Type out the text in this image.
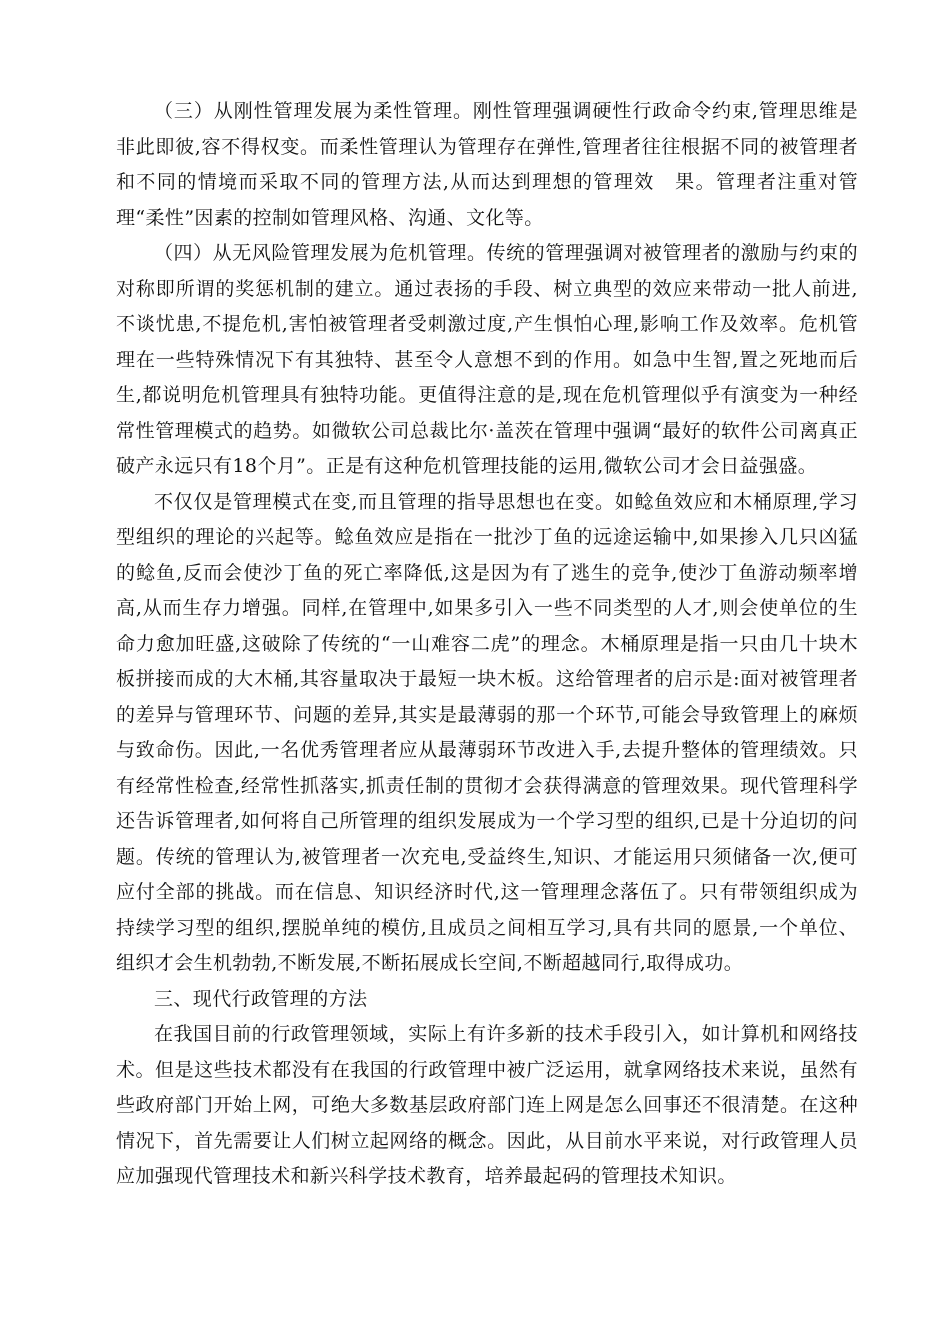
（三）从刚性管理发展为柔性管理。刚性管理强调硬性行政命令约束,管理思维是非此即彼,容不得权变。而柔性管理认为管理存在弹性,管理者往往根据不同的被管理者和不同的情境而采取不同的管理方法,从而达到理想的管理效　果。管理者注重对管理“柔性”因素的控制如管理风格、沟通、文化等。

（四）从无风险管理发展为危机管理。传统的管理强调对被管理者的激励与约束的对称即所谓的奖惩机制的建立。通过表扬的手段、树立典型的效应来带动一批人前进,不谈忧患,不提危机,害怕被管理者受刺激过度,产生惧怕心理,影响工作及效率。危机管理在一些特殊情况下有其独特、甚至令人意想不到的作用。如急中生智,置之死地而后生,都说明危机管理具有独特功能。更值得注意的是,现在危机管理似乎有演变为一种经常性管理模式的趋势。如微软公司总裁比尔·盖茨在管理中强调“最好的软件公司离真正破产永远只有18个月”。正是有这种危机管理技能的运用,微软公司才会日益强盛。

不仅仅是管理模式在变,而且管理的指导思想也在变。如鲶鱼效应和木桶原理,学习型组织的理论的兴起等。鲶鱼效应是指在一批沙丁鱼的远途运输中,如果掺入几只凶猛的鲶鱼,反而会使沙丁鱼的死亡率降低,这是因为有了逃生的竞争,使沙丁鱼游动频率增高,从而生存力增强。同样,在管理中,如果多引入一些不同类型的人才,则会使单位的生命力愈加旺盛,这破除了传统的“一山难容二虎”的理念。木桶原理是指一只由几十块木板拼接而成的大木桶,其容量取决于最短一块木板。这给管理者的启示是:面对被管理者的差异与管理环节、问题的差异,其实是最薄弱的那一个环节,可能会导致管理上的麻烦与致命伤。因此,一名优秀管理者应从最薄弱环节改进入手,去提升整体的管理绩效。只有经常性检查,经常性抓落实,抓责任制的贯彻才会获得满意的管理效果。现代管理科学还告诉管理者,如何将自己所管理的组织发展成为一个学习型的组织,已是十分迫切的问题。传统的管理认为,被管理者一次充电,受益终生,知识、才能运用只须储备一次,便可应付全部的挑战。而在信息、知识经济时代,这一管理理念落伍了。只有带领组织成为持续学习型的组织,摆脱单纯的模仿,且成员之间相互学习,具有共同的愿景,一个单位、组织才会生机勃勃,不断发展,不断拓展成长空间,不断超越同行,取得成功。

三、现代行政管理的方法

在我国目前的行政管理领域，实际上有许多新的技术手段引入，如计算机和网络技术。但是这些技术都没有在我国的行政管理中被广泛运用，就拿网络技术来说，虽然有些政府部门开始上网，可绝大多数基层政府部门连上网是怎么回事还不很清楚。在这种情况下，首先需要让人们树立起网络的概念。因此，从目前水平来说，对行政管理人员应加强现代管理技术和新兴科学技术教育，培养最起码的管理技术知识。
